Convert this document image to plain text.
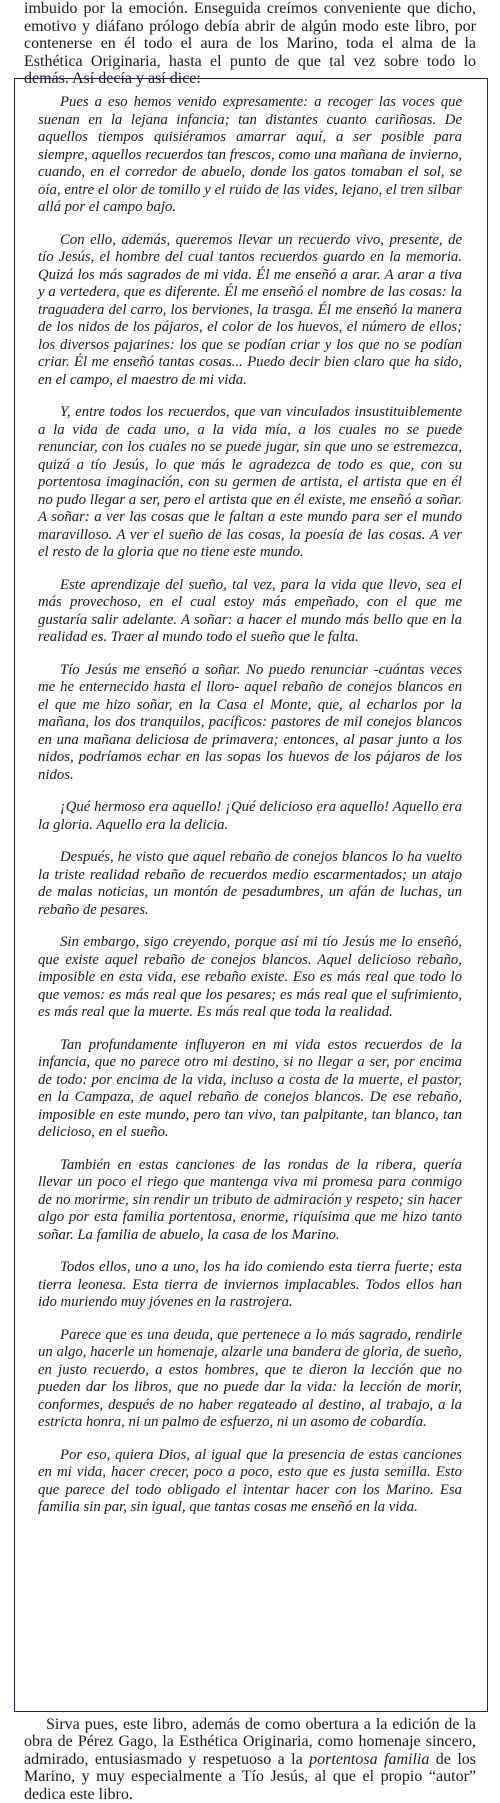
imbuido por la emoción. Enseguida creímos conveniente que dicho, emotivo y diáfano prólogo debía abrir de algún modo este libro, por contenerse en él todo el aura de los Marino, toda el alma de la Esthética Originaria, hasta el punto de que tal vez sobre todo lo demás. Así decía y así dice:

Pues a eso hemos venido expresamente: a recoger las voces que suenan en la lejana infancia; tan distantes cuanto cariñosas. De aquellos tiempos quisiéramos amarrar aquí, a ser posible para siempre, aquellos recuerdos tan frescos, como una mañana de invierno, cuando, en el corredor de abuelo, donde los gatos tomaban el sol, se oía, entre el olor de tomillo y el ruido de las vides, lejano, el tren silbar allá por el campo bajo.

Con ello, además, queremos llevar un recuerdo vivo, presente, de tío Jesús, el hombre del cual tantos recuerdos guardo en la memoria. Quizá los más sagrados de mi vida. Él me enseñó a arar. A arar a tiva y a vertedera, que es diferente. Él me enseñó el nombre de las cosas: la traguadera del carro, los berviones, la trasga. Él me enseñó la manera de los nidos de los pájaros, el color de los huevos, el número de ellos; los diversos pajarines: los que se podían criar y los que no se podían criar. Él me enseñó tantas cosas... Puedo decir bien claro que ha sido, en el campo, el maestro de mi vida.

Y, entre todos los recuerdos, que van vinculados insustituiblemente a la vida de cada uno, a la vida mía, a los cuales no se puede renunciar, con los cuales no se puede jugar, sin que uno se estremezca, quizá a tío Jesús, lo que más le agradezca de todo es que, con su portentosa imaginación, con su germen de artista, el artista que en él no pudo llegar a ser, pero el artista que en él existe, me enseñó a soñar. A soñar: a ver las cosas que le faltan a este mundo para ser el mundo maravilloso. A ver el sueño de las cosas, la poesía de las cosas. A ver el resto de la gloria que no tiene este mundo.

Este aprendizaje del sueño, tal vez, para la vida que llevo, sea el más provechoso, en el cual estoy más empeñado, con el que me gustaría salir adelante. A soñar: a hacer el mundo más bello que en la realidad es. Traer al mundo todo el sueño que le falta.

Tío Jesús me enseñó a soñar. No puedo renunciar -cuántas veces me he enternecido hasta el lloro- aquel rebaño de conejos blancos en el que me hizo soñar, en la Casa el Monte, que, al echarlos por la mañana, los dos tranquilos, pacíficos: pastores de mil conejos blancos en una mañana deliciosa de primavera; entonces, al pasar junto a los nidos, podríamos echar en las sopas los huevos de los pájaros de los nidos.

¡Qué hermoso era aquello! ¡Qué delicioso era aquello! Aquello era la gloria. Aquello era la delicia.

Después, he visto que aquel rebaño de conejos blancos lo ha vuelto la triste realidad rebaño de recuerdos medio escarmentados; un atajo de malas noticias, un montón de pesadumbres, un afán de luchas, un rebaño de pesares.

Sin embargo, sigo creyendo, porque así mi tío Jesús me lo enseñó, que existe aquel rebaño de conejos blancos. Aquel delicioso rebaño, imposible en esta vida, ese rebaño existe. Eso es más real que todo lo que vemos: es más real que los pesares; es más real que el sufrimiento, es más real que la muerte. Es más real que toda la realidad.

Tan profundamente influyeron en mi vida estos recuerdos de la infancia, que no parece otro mi destino, si no llegar a ser, por encima de todo: por encima de la vida, incluso a costa de la muerte, el pastor, en la Campaza, de aquel rebaño de conejos blancos. De ese rebaño, imposible en este mundo, pero tan vivo, tan palpitante, tan blanco, tan delicioso, en el sueño.

También en estas canciones de las rondas de la ribera, quería llevar un poco el riego que mantenga viva mi promesa para conmigo de no morirme, sin rendir un tributo de admiración y respeto; sin hacer algo por esta familia portentosa, enorme, riquísima que me hizo tanto soñar. La familia de abuelo, la casa de los Marino.

Todos ellos, uno a uno, los ha ido comiendo esta tierra fuerte; esta tierra leonesa. Esta tierra de inviernos implacables. Todos ellos han ido muriendo muy jóvenes en la rastrojera.

Parece que es una deuda, que pertenece a lo más sagrado, rendirle un algo, hacerle un homenaje, alzarle una bandera de gloria, de sueño, en justo recuerdo, a estos hombres, que te dieron la lección que no pueden dar los libros, que no puede dar la vida: la lección de morir, conformes, después de no haber regateado al destino, al trabajo, a la estricta honra, ni un palmo de esfuerzo, ni un asomo de cobardía.

Por eso, quiera Dios, al igual que la presencia de estas canciones en mi vida, hacer crecer, poco a poco, esto que es justa semilla. Esto que parece del todo obligado el intentar hacer con los Marino. Esa familia sin par, sin igual, que tantas cosas me enseñó en la vida.

Sirva pues, este libro, además de como obertura a la edición de la obra de Pérez Gago, la Esthética Originaria, como homenaje sincero, admirado, entusiasmado y respetuoso a la portentosa familia de los Marino, y muy especialmente a Tío Jesús, al que el propio “autor” dedica este libro.
